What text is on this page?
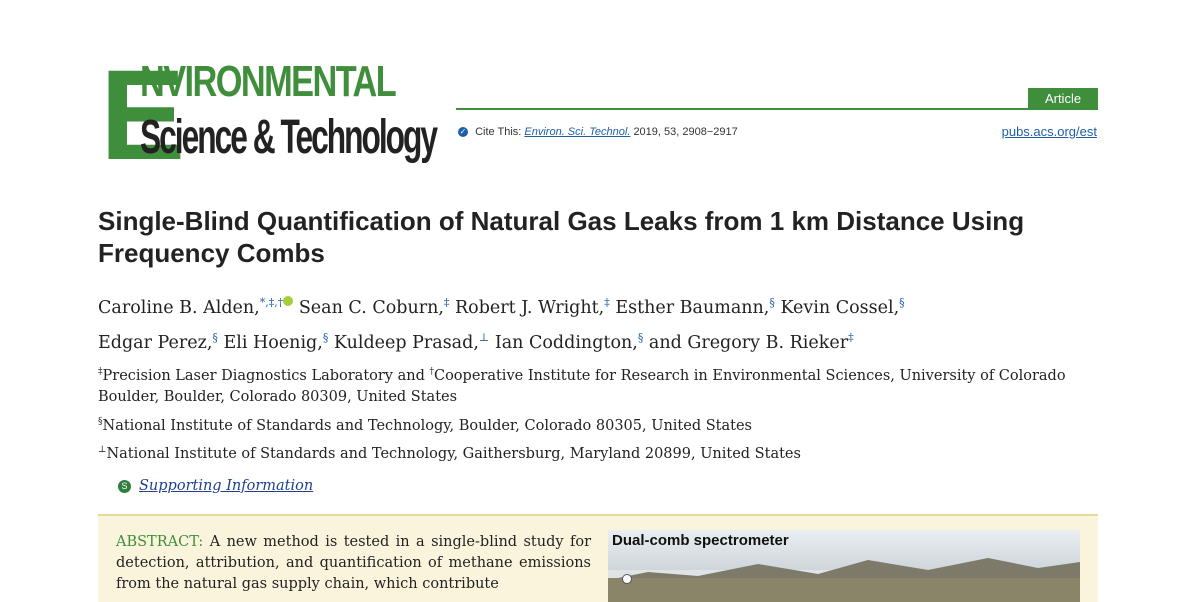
E
NVIRONMENTAL
Science & Technology
Article
✓ Cite This: Environ. Sci. Technol. 2019, 53, 2908−2917	pubs.acs.org/est
Single-Blind Quantification of Natural Gas Leaks from 1 km Distance Using Frequency Combs
Caroline B. Alden,*,‡,† Sean C. Coburn,‡ Robert J. Wright,‡ Esther Baumann,§ Kevin Cossel,§
Edgar Perez,§ Eli Hoenig,§ Kuldeep Prasad,⊥ Ian Coddington,§ and Gregory B. Rieker‡
‡Precision Laser Diagnostics Laboratory and †Cooperative Institute for Research in Environmental Sciences, University of Colorado Boulder, Boulder, Colorado 80309, United States
§National Institute of Standards and Technology, Boulder, Colorado 80305, United States
⊥National Institute of Standards and Technology, Gaithersburg, Maryland 20899, United States
S Supporting Information
ABSTRACT: A new method is tested in a single-blind study for detection, attribution, and quantification of methane emissions from the natural gas supply chain, which contribute
Dual-comb spectrometer
